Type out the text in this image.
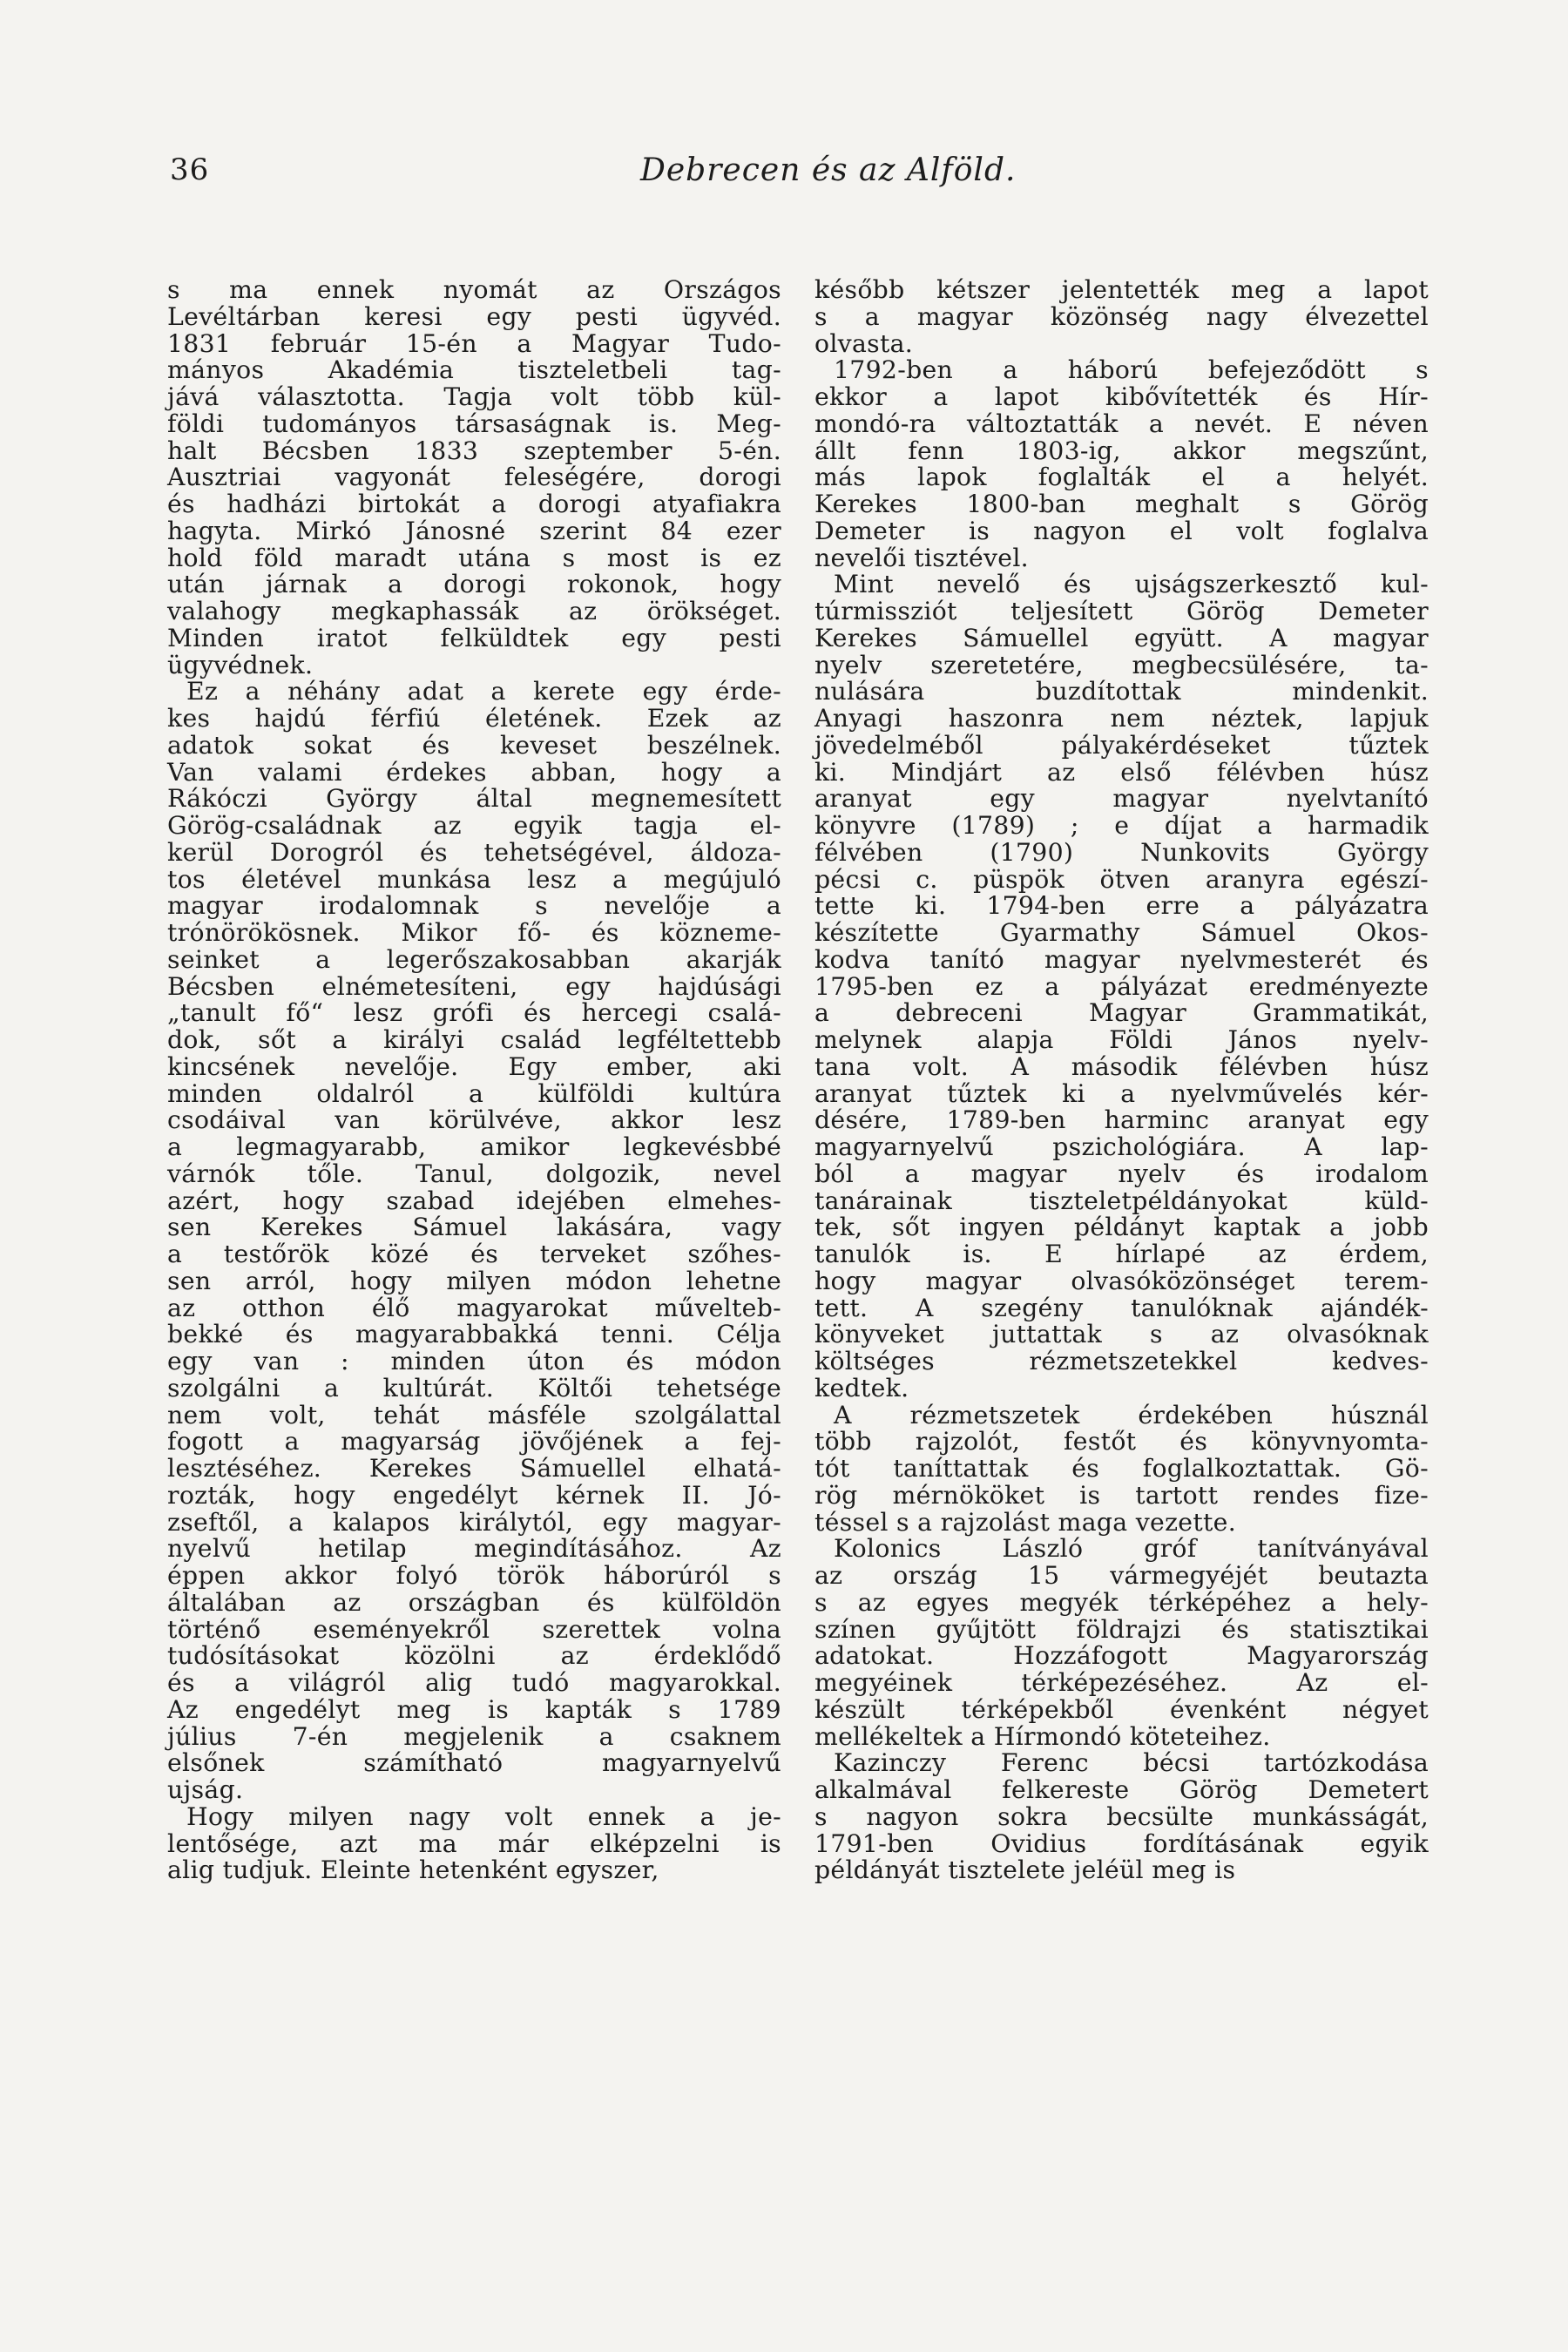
36	Debrecen és az Alföld.

s ma ennek nyomát az Országos

Levéltárban keresi egy pesti ügyvéd.

1831 február 15-én a Magyar Tudo-

mányos Akadémia tiszteletbeli tag-

jává választotta. Tagja volt több kül-

földi tudományos társaságnak is. Meg-

halt Bécsben 1833 szeptember 5-én.

Ausztriai vagyonát feleségére, dorogi

és hadházi birtokát a dorogi atyafiakra

hagyta. Mirkó Jánosné szerint 84 ezer

hold föld maradt utána s most is ez

után járnak a dorogi rokonok, hogy

valahogy megkaphassák az örökséget.

Minden iratot felküldtek egy pesti

ügyvédnek.

Ez a néhány adat a kerete egy érde-

kes hajdú férfiú életének. Ezek az

adatok sokat és keveset beszélnek.

Van valami érdekes abban, hogy a

Rákóczi György által megnemesített

Görög-családnak az egyik tagja el-

kerül Dorogról és tehetségével, áldoza-

tos életével munkása lesz a megújuló

magyar irodalomnak s nevelője a

trónörökösnek. Mikor fő- és közneme-

seinket a legerőszakosabban akarják

Bécsben elnémetesíteni, egy hajdúsági

„tanult fő“ lesz grófi és hercegi csalá-

dok, sőt a királyi család legféltettebb

kincsének nevelője. Egy ember, aki

minden oldalról a külföldi kultúra

csodáival van körülvéve, akkor lesz

a legmagyarabb, amikor legkevésbbé

várnók tőle. Tanul, dolgozik, nevel

azért, hogy szabad idejében elmehes-

sen Kerekes Sámuel lakására, vagy

a testőrök közé és terveket szőhes-

sen arról, hogy milyen módon lehetne

az otthon élő magyarokat művelteb-

bekké és magyarabbakká tenni. Célja

egy van : minden úton és módon

szolgálni a kultúrát. Költői tehetsége

nem volt, tehát másféle szolgálattal

fogott a magyarság jövőjének a fej-

lesztéséhez. Kerekes Sámuellel elhatá-

rozták, hogy engedélyt kérnek II. Jó-

zseftől, a kalapos királytól, egy magyar-

nyelvű hetilap megindításához. Az

éppen akkor folyó török háborúról s

általában az országban és külföldön

történő eseményekről szerettek volna

tudósításokat közölni az érdeklődő

és a világról alig tudó magyarokkal.

Az engedélyt meg is kapták s 1789

július 7-én megjelenik a csaknem

elsőnek számítható magyarnyelvű

ujság.

Hogy milyen nagy volt ennek a je-

lentősége, azt ma már elképzelni is

alig tudjuk. Eleinte hetenként egyszer,

később kétszer jelentették meg a lapot

s a magyar közönség nagy élvezettel

olvasta.

1792-ben a háború befejeződött s

ekkor a lapot kibővítették és Hír-

mondó-ra változtatták a nevét. E néven

állt fenn 1803-ig, akkor megszűnt,

más lapok foglalták el a helyét.

Kerekes 1800-ban meghalt s Görög

Demeter is nagyon el volt foglalva

nevelői tisztével.

Mint nevelő és ujságszerkesztő kul-

túrmissziót teljesített Görög Demeter

Kerekes Sámuellel együtt. A magyar

nyelv szeretetére, megbecsülésére, ta-

nulására buzdítottak mindenkit.

Anyagi haszonra nem néztek, lapjuk

jövedelméből pályakérdéseket tűztek

ki. Mindjárt az első félévben húsz

aranyat egy magyar nyelvtanító

könyvre (1789) ; e díjat a harmadik

félvében (1790) Nunkovits György

pécsi c. püspök ötven aranyra egészí-

tette ki. 1794-ben erre a pályázatra

készítette Gyarmathy Sámuel Okos-

kodva tanító magyar nyelvmesterét és

1795-ben ez a pályázat eredményezte

a debreceni Magyar Grammatikát,

melynek alapja Földi János nyelv-

tana volt. A második félévben húsz

aranyat tűztek ki a nyelvművelés kér-

désére, 1789-ben harminc aranyat egy

magyarnyelvű pszichológiára. A lap-

ból a magyar nyelv és irodalom

tanárainak tiszteletpéldányokat küld-

tek, sőt ingyen példányt kaptak a jobb

tanulók is. E hírlapé az érdem,

hogy magyar olvasóközönséget terem-

tett. A szegény tanulóknak ajándék-

könyveket juttattak s az olvasóknak

költséges rézmetszetekkel kedves-

kedtek.

A rézmetszetek érdekében húsznál

több rajzolót, festőt és könyvnyomta-

tót taníttattak és foglalkoztattak. Gö-

rög mérnököket is tartott rendes fize-

téssel s a rajzolást maga vezette.

Kolonics László gróf tanítványával

az ország 15 vármegyéjét beutazta

s az egyes megyék térképéhez a hely-

színen gyűjtött földrajzi és statisztikai

adatokat. Hozzáfogott Magyarország

megyéinek térképezéséhez. Az el-

készült térképekből évenként négyet

mellékeltek a Hírmondó köteteihez.

Kazinczy Ferenc bécsi tartózkodása

alkalmával felkereste Görög Demetert

s nagyon sokra becsülte munkásságát,

1791-ben Ovidius fordításának egyik

példányát tisztelete jeléül meg is
